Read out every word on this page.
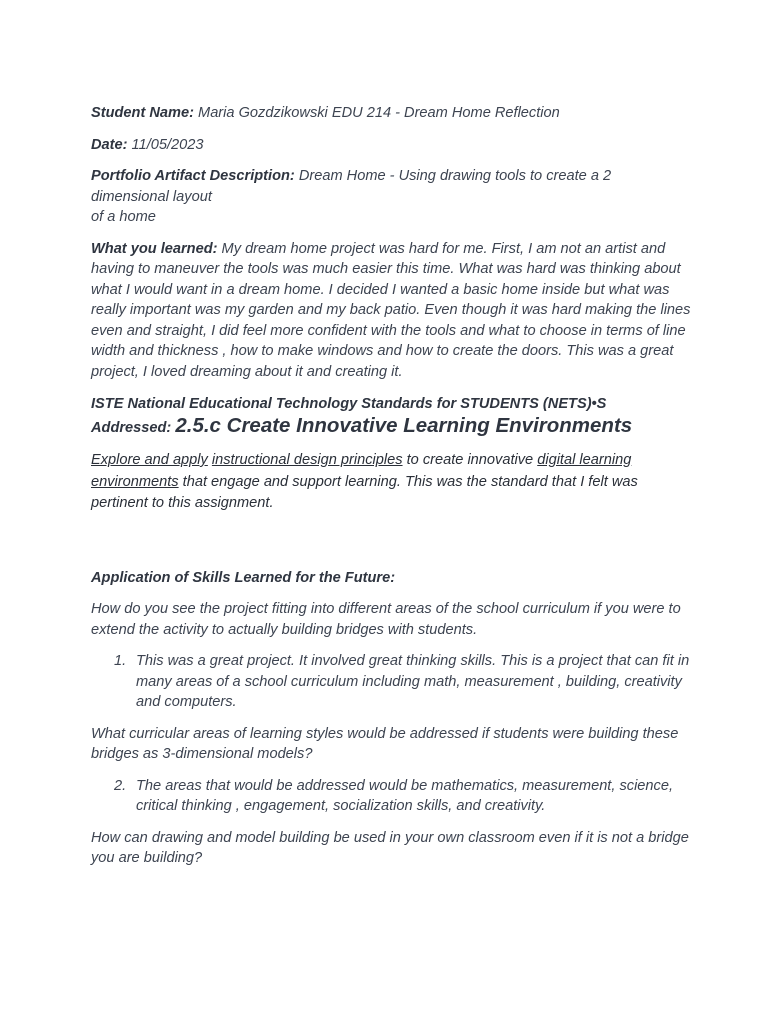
Student Name: Maria Gozdzikowski EDU 214 - Dream Home Reflection

Date: 11/05/2023

Portfolio Artifact Description: Dream Home - Using drawing tools to create a 2 dimensional layout
of a home

What you learned: My dream home project was hard for me. First, I am not an artist and having to maneuver the tools was much easier this time. What was hard was thinking about what I would want in a dream home. I decided I wanted a basic home inside but what was really important was my garden and my back patio. Even though it was hard making the lines even and straight, I did feel more confident with the tools and what to choose in terms of line width and thickness , how to make windows and how to create the doors. This was a great project, I loved dreaming about it and creating it.

ISTE National Educational Technology Standards for STUDENTS (NETS)•S
Addressed: 2.5.c Create Innovative Learning Environments

Explore and apply instructional design principles to create innovative digital learning environments that engage and support learning. This was the standard that I felt was pertinent to this assignment.

Application of Skills Learned for the Future:

How do you see the project fitting into different areas of the school curriculum if you were to extend the activity to actually building bridges with students.

1. This was a great project. It involved great thinking skills. This is a project that can fit in many areas of a school curriculum including math, measurement , building, creativity and computers.

What curricular areas of learning styles would be addressed if students were building these bridges as 3-dimensional models?

2. The areas that would be addressed would be mathematics, measurement, science, critical thinking , engagement, socialization skills, and creativity.

How can drawing and model building be used in your own classroom even if it is not a bridge you are building?
